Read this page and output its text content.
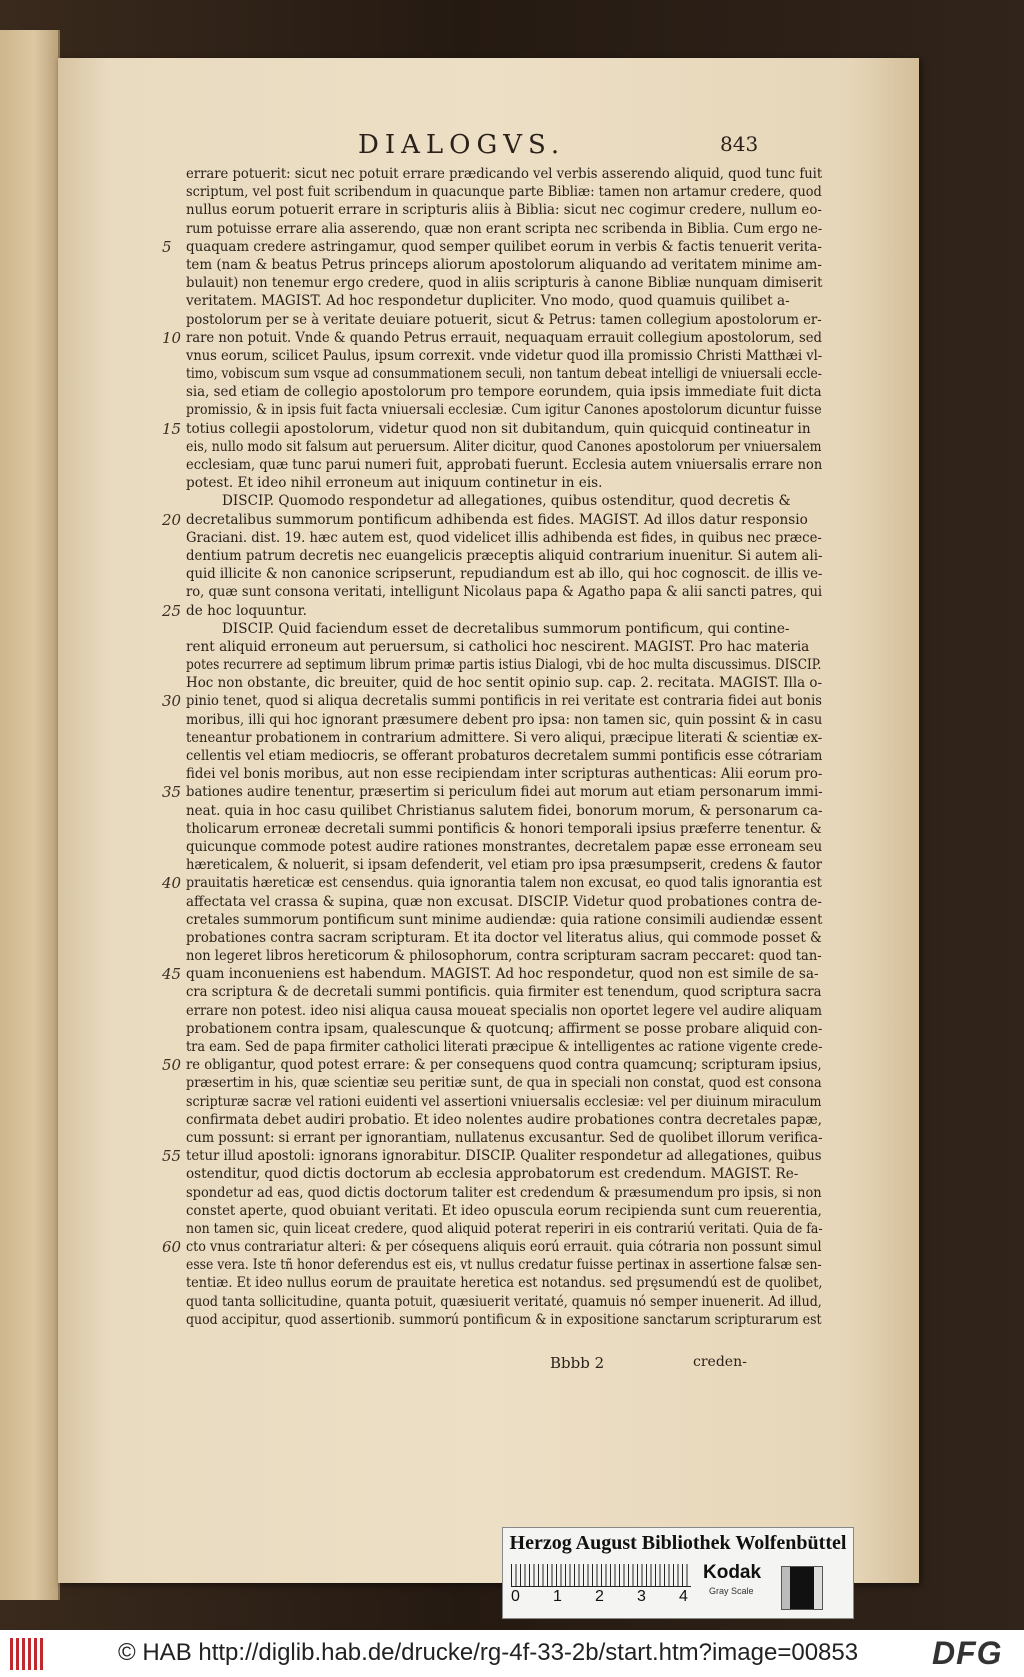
DIALOGVS.	843
errare potuerit: sicut nec potuit errare prædicando vel verbis asserendo aliquid, quod tunc fuit
scriptum, vel post fuit scribendum in quacunque parte Bibliæ: tamen non artamur credere, quod
nullus eorum potuerit errare in scripturis aliis à Biblia: sicut nec cogimur credere, nullum eo-
rum potuisse errare alia asserendo, quæ non erant scripta nec scribenda in Biblia. Cum ergo ne-
5 quaquam credere astringamur, quod semper quilibet eorum in verbis & factis tenuerit verita-
tem (nam & beatus Petrus princeps aliorum apostolorum aliquando ad veritatem minime am-
bulauit) non tenemur ergo credere, quod in aliis scripturis à canone Bibliæ nunquam dimiserit
veritatem. MAGIST. Ad hoc respondetur dupliciter. Vno modo, quod quamuis quilibet a-
postolorum per se à veritate deuiare potuerit, sicut & Petrus: tamen collegium apostolorum er-
10 rare non potuit. Vnde & quando Petrus errauit, nequaquam errauit collegium apostolorum, sed
vnus eorum, scilicet Paulus, ipsum correxit. vnde videtur quod illa promissio Christi Matthæi vl-
timo, vobiscum sum vsque ad consummationem seculi, non tantum debeat intelligi de vniuersali eccle-
sia, sed etiam de collegio apostolorum pro tempore eorundem, quia ipsis immediate fuit dicta
promissio, & in ipsis fuit facta vniuersali ecclesiæ. Cum igitur Canones apostolorum dicuntur fuisse
15 totius collegii apostolorum, videtur quod non sit dubitandum, quin quicquid contineatur in
eis, nullo modo sit falsum aut peruersum. Aliter dicitur, quod Canones apostolorum per vniuersalem
ecclesiam, quæ tunc parui numeri fuit, approbati fuerunt. Ecclesia autem vniuersalis errare non
potest. Et ideo nihil erroneum aut iniquum continetur in eis.
DISCIP. Quomodo respondetur ad allegationes, quibus ostenditur, quod decretis &
20 decretalibus summorum pontificum adhibenda est fides. MAGIST. Ad illos datur responsio
Graciani. dist. 19. hæc autem est, quod videlicet illis adhibenda est fides, in quibus nec præce-
dentium patrum decretis nec euangelicis præceptis aliquid contrarium inuenitur. Si autem ali-
quid illicite & non canonice scripserunt, repudiandum est ab illo, qui hoc cognoscit. de illis ve-
ro, quæ sunt consona veritati, intelligunt Nicolaus papa & Agatho papa & alii sancti patres, qui
25 de hoc loquuntur.
DISCIP. Quid faciendum esset de decretalibus summorum pontificum, qui contine-
rent aliquid erroneum aut peruersum, si catholici hoc nescirent. MAGIST. Pro hac materia
potes recurrere ad septimum librum primæ partis istius Dialogi, vbi de hoc multa discussimus. DISCIP.
Hoc non obstante, dic breuiter, quid de hoc sentit opinio sup. cap. 2. recitata. MAGIST. Illa o-
30 pinio tenet, quod si aliqua decretalis summi pontificis in rei veritate est contraria fidei aut bonis
moribus, illi qui hoc ignorant præsumere debent pro ipsa: non tamen sic, quin possint & in casu
teneantur probationem in contrarium admittere. Si vero aliqui, præcipue literati & scientiæ ex-
cellentis vel etiam mediocris, se offerant probaturos decretalem summi pontificis esse cótrariam
fidei vel bonis moribus, aut non esse recipiendam inter scripturas authenticas: Alii eorum pro-
35 bationes audire tenentur, præsertim si periculum fidei aut morum aut etiam personarum immi-
neat. quia in hoc casu quilibet Christianus salutem fidei, bonorum morum, & personarum ca-
tholicarum erroneæ decretali summi pontificis & honori temporali ipsius præferre tenentur. &
quicunque commode potest audire rationes monstrantes, decretalem papæ esse erroneam seu
hæreticalem, & noluerit, si ipsam defenderit, vel etiam pro ipsa præsumpserit, credens & fautor
40 prauitatis hæreticæ est censendus. quia ignorantia talem non excusat, eo quod talis ignorantia est
affectata vel crassa & supina, quæ non excusat. DISCIP. Videtur quod probationes contra de-
cretales summorum pontificum sunt minime audiendæ: quia ratione consimili audiendæ essent
probationes contra sacram scripturam. Et ita doctor vel literatus alius, qui commode posset &
non legeret libros hereticorum & philosophorum, contra scripturam sacram peccaret: quod tan-
45 quam inconueniens est habendum. MAGIST. Ad hoc respondetur, quod non est simile de sa-
cra scriptura & de decretali summi pontificis. quia firmiter est tenendum, quod scriptura sacra
errare non potest. ideo nisi aliqua causa moueat specialis non oportet legere vel audire aliquam
probationem contra ipsam, qualescunque & quotcunq; affirment se posse probare aliquid con-
tra eam. Sed de papa firmiter catholici literati præcipue & intelligentes ac ratione vigente crede-
50 re obligantur, quod potest errare: & per consequens quod contra quamcunq; scripturam ipsius,
præsertim in his, quæ scientiæ seu peritiæ sunt, de qua in speciali non constat, quod est consona
scripturæ sacræ vel rationi euidenti vel assertioni vniuersalis ecclesiæ: vel per diuinum miraculum
confirmata debet audiri probatio. Et ideo nolentes audire probationes contra decretales papæ,
cum possunt: si errant per ignorantiam, nullatenus excusantur. Sed de quolibet illorum verifica-
55 tetur illud apostoli: ignorans ignorabitur. DISCIP. Qualiter respondetur ad allegationes, quibus
ostenditur, quod dictis doctorum ab ecclesia approbatorum est credendum. MAGIST. Re-
spondetur ad eas, quod dictis doctorum taliter est credendum & præsumendum pro ipsis, si non
constet aperte, quod obuiant veritati. Et ideo opuscula eorum recipienda sunt cum reuerentia,
non tamen sic, quin liceat credere, quod aliquid poterat reperiri in eis contrariú veritati. Quia de fa-
60 cto vnus contrariatur alteri: & per cósequens aliquis eorú errauit. quia cótraria non possunt simul
esse vera. Iste tñ honor deferendus est eis, vt nullus credatur fuisse pertinax in assertione falsæ sen-
tentiæ. Et ideo nullus eorum de prauitate heretica est notandus. sed pręsumendú est de quolibet,
quod tanta sollicitudine, quanta potuit, quæsiuerit veritaté, quamuis nó semper inuenerit. Ad illud,
quod accipitur, quod assertionib. summorú pontificum & in expositione sanctarum scripturarum est
Bbbb 2	creden-
Herzog August Bibliothek Wolfenbüttel
0 1 2 3 4
Kodak
Gray Scale
© HAB http://diglib.hab.de/drucke/rg-4f-33-2b/start.htm?image=00853 DFG
